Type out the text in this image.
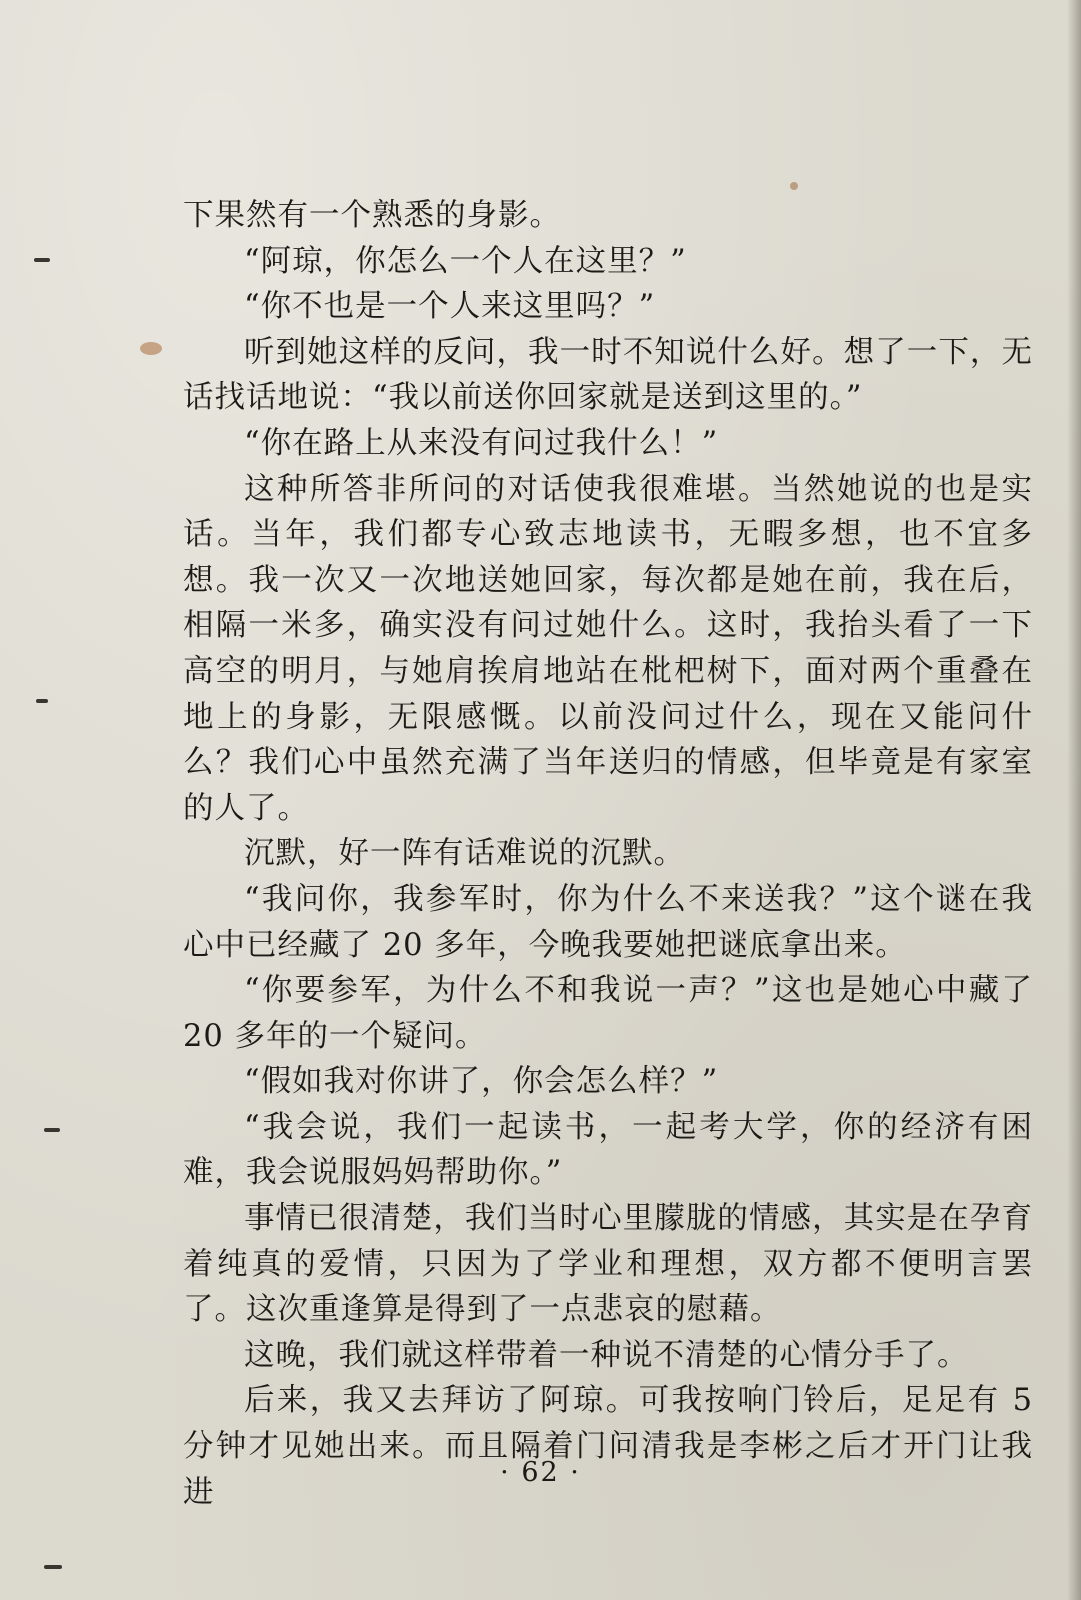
下果然有一个熟悉的身影。

“阿琼，你怎么一个人在这里？”

“你不也是一个人来这里吗？”

听到她这样的反问，我一时不知说什么好。想了一下，无话找话地说：“我以前送你回家就是送到这里的。”

“你在路上从来没有问过我什么！”

这种所答非所问的对话使我很难堪。当然她说的也是实话。当年，我们都专心致志地读书，无暇多想，也不宜多想。我一次又一次地送她回家，每次都是她在前，我在后，相隔一米多，确实没有问过她什么。这时，我抬头看了一下高空的明月，与她肩挨肩地站在枇杷树下，面对两个重叠在地上的身影，无限感慨。以前没问过什么，现在又能问什么？我们心中虽然充满了当年送归的情感，但毕竟是有家室的人了。

沉默，好一阵有话难说的沉默。

“我问你，我参军时，你为什么不来送我？”这个谜在我心中已经藏了 20 多年，今晚我要她把谜底拿出来。

“你要参军，为什么不和我说一声？”这也是她心中藏了 20 多年的一个疑问。

“假如我对你讲了，你会怎么样？”

“我会说，我们一起读书，一起考大学，你的经济有困难，我会说服妈妈帮助你。”

事情已很清楚，我们当时心里朦胧的情感，其实是在孕育着纯真的爱情，只因为了学业和理想，双方都不便明言罢了。这次重逢算是得到了一点悲哀的慰藉。

这晚，我们就这样带着一种说不清楚的心情分手了。

后来，我又去拜访了阿琼。可我按响门铃后，足足有 5 分钟才见她出来。而且隔着门问清我是李彬之后才开门让我进

· 62 ·
